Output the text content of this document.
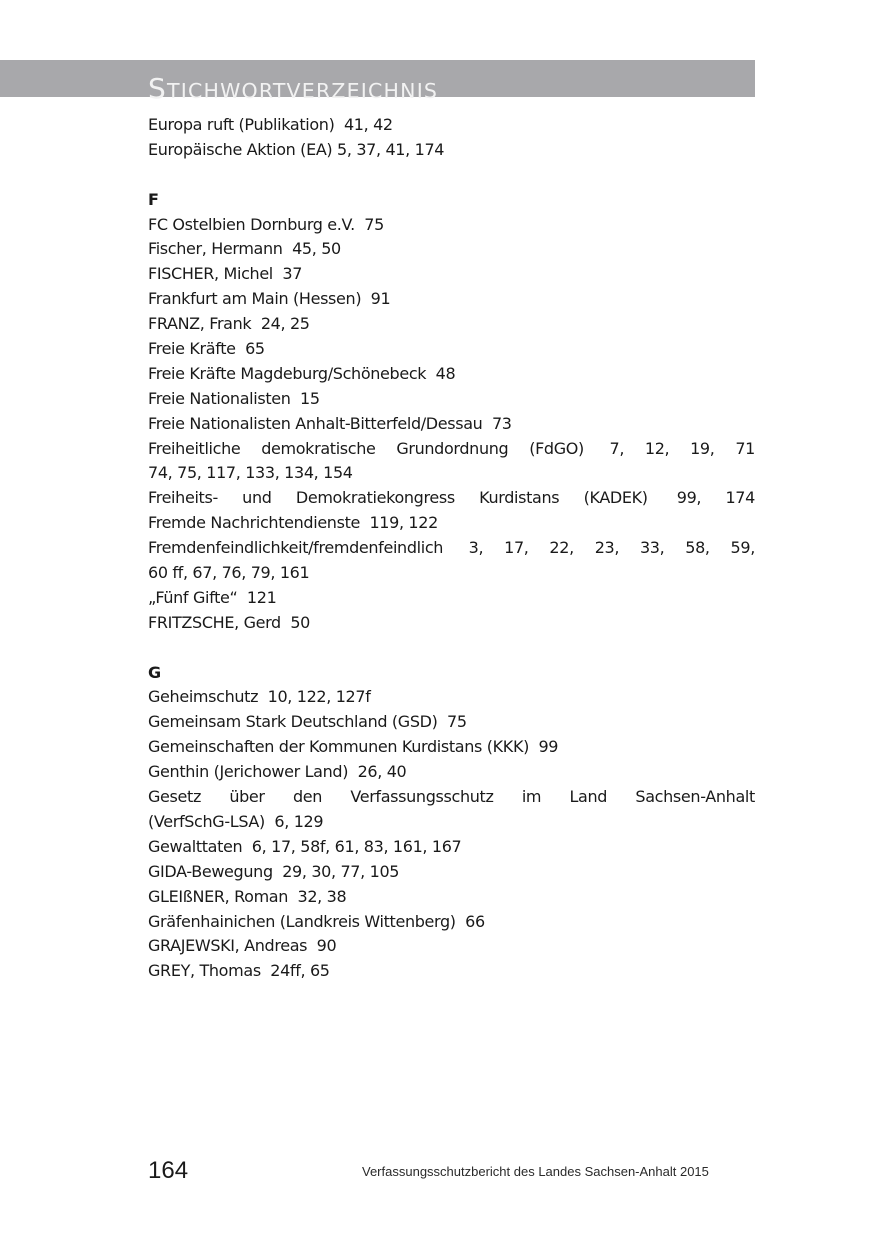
S TICHWORTVERZEICHNIS
Europa ruft (Publikation)  41, 42
Europäische Aktion (EA) 5, 37, 41, 174
F
FC Ostelbien Dornburg e.V.  75
Fischer, Hermann  45, 50
FISCHER, Michel  37
Frankfurt am Main (Hessen)  91
FRANZ, Frank  24, 25
Freie Kräfte  65
Freie Kräfte Magdeburg/Schönebeck  48
Freie Nationalisten  15
Freie Nationalisten Anhalt-Bitterfeld/Dessau  73
Freiheitliche demokratische Grundordnung (FdGO) 7, 12, 19, 71
74, 75, 117, 133, 134, 154
Freiheits- und Demokratiekongress Kurdistans (KADEK) 99, 174
Fremde Nachrichtendienste  119, 122
Fremdenfeindlichkeit/fremdenfeindlich 3, 17, 22, 23, 33, 58, 59,
60 ff, 67, 76, 79, 161
„Fünf Gifte“  121
FRITZSCHE, Gerd  50
G
Geheimschutz  10, 122, 127f
Gemeinsam Stark Deutschland (GSD)  75
Gemeinschaften der Kommunen Kurdistans (KKK)  99
Genthin (Jerichower Land)  26, 40
Gesetz über den Verfassungsschutz im Land Sachsen-Anhalt
(VerfSchG-LSA)  6, 129
Gewalttaten  6, 17, 58f, 61, 83, 161, 167
GIDA-Bewegung  29, 30, 77, 105
GLEIßNER, Roman  32, 38
Gräfenhainichen (Landkreis Wittenberg)  66
GRAJEWSKI, Andreas  90
GREY, Thomas  24ff, 65
164	Verfassungsschutzbericht des Landes Sachsen-Anhalt 2015
